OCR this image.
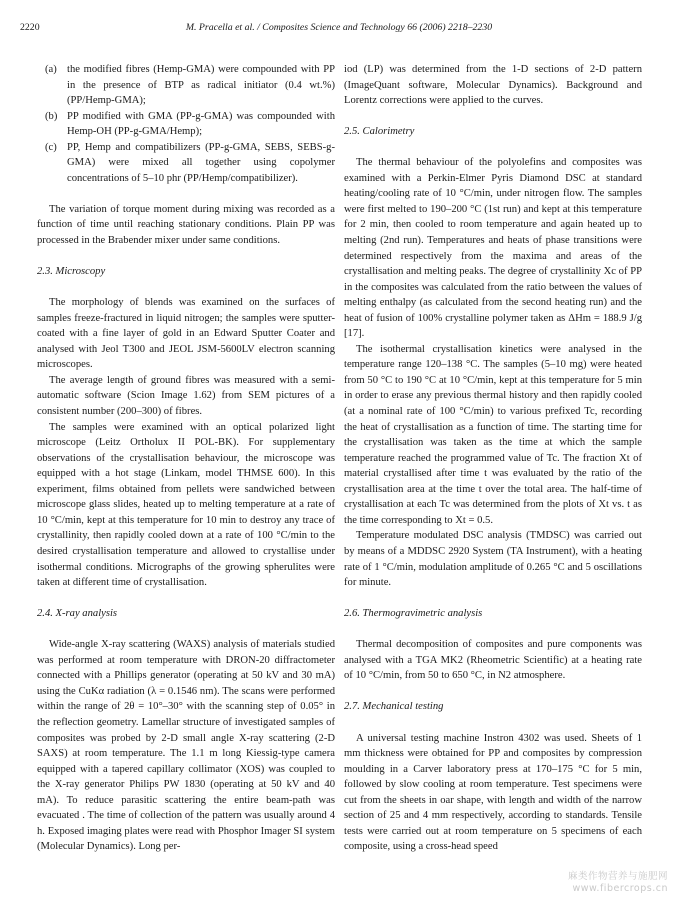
2220	M. Pracella et al. / Composites Science and Technology 66 (2006) 2218–2230
(a) the modified fibres (Hemp-GMA) were compounded with PP in the presence of BTP as radical initiator (0.4 wt.%) (PP/Hemp-GMA);
(b) PP modified with GMA (PP-g-GMA) was compounded with Hemp-OH (PP-g-GMA/Hemp);
(c) PP, Hemp and compatibilizers (PP-g-GMA, SEBS, SEBS-g-GMA) were mixed all together using copolymer concentrations of 5–10 phr (PP/Hemp/compatibilizer).

The variation of torque moment during mixing was recorded as a function of time until reaching stationary conditions. Plain PP was processed in the Brabender mixer under same conditions.

2.3. Microscopy

The morphology of blends was examined on the surfaces of samples freeze-fractured in liquid nitrogen; the samples were sputter-coated with a fine layer of gold in an Edward Sputter Coater and analysed with Jeol T300 and JEOL JSM-5600LV electron scanning microscopes.

The average length of ground fibres was measured with a semi-automatic software (Scion Image 1.62) from SEM pictures of a consistent number (200–300) of fibres.

The samples were examined with an optical polarized light microscope (Leitz Ortholux II POL-BK). For supplementary observations of the crystallisation behaviour, the microscope was equipped with a hot stage (Linkam, model THMSE 600). In this experiment, films obtained from pellets were sandwiched between microscope glass slides, heated up to melting temperature at a rate of 10 °C/min, kept at this temperature for 10 min to destroy any trace of crystallinity, then rapidly cooled down at a rate of 100 °C/min to the desired crystallisation temperature and allowed to crystallise under isothermal conditions. Micrographs of the growing spherulites were taken at different time of crystallisation.

2.4. X-ray analysis

Wide-angle X-ray scattering (WAXS) analysis of materials studied was performed at room temperature with DRON-20 diffractometer connected with a Phillips generator (operating at 50 kV and 30 mA) using the CuKα radiation (λ = 0.1546 nm). The scans were performed within the range of 2θ = 10°–30° with the scanning step of 0.05° in the reflection geometry. Lamellar structure of investigated samples of composites was probed by 2-D small angle X-ray scattering (2-D SAXS) at room temperature. The 1.1 m long Kiessig-type camera equipped with a tapered capillary collimator (XOS) was coupled to the X-ray generator Philips PW 1830 (operating at 50 kV and 40 mA). To reduce parasitic scattering the entire beam-path was evacuated . The time of collection of the pattern was usually around 4 h. Exposed imaging plates were read with Phosphor Imager SI system (Molecular Dynamics). Long per-

iod (LP) was determined from the 1-D sections of 2-D pattern (ImageQuant software, Molecular Dynamics). Background and Lorentz corrections were applied to the curves.

2.5. Calorimetry

The thermal behaviour of the polyolefins and composites was examined with a Perkin-Elmer Pyris Diamond DSC at standard heating/cooling rate of 10 °C/min, under nitrogen flow. The samples were first melted to 190–200 °C (1st run) and kept at this temperature for 2 min, then cooled to room temperature and again heated up to melting (2nd run). Temperatures and heats of phase transitions were determined respectively from the maxima and areas of the crystallisation and melting peaks. The degree of crystallinity Xc of PP in the composites was calculated from the ratio between the values of melting enthalpy (as calculated from the second heating run) and the heat of fusion of 100% crystalline polymer taken as ΔHm = 188.9 J/g [17].

The isothermal crystallisation kinetics were analysed in the temperature range 120–138 °C. The samples (5–10 mg) were heated from 50 °C to 190 °C at 10 °C/min, kept at this temperature for 5 min in order to erase any previous thermal history and then rapidly cooled (at a nominal rate of 100 °C/min) to various prefixed Tc, recording the heat of crystallisation as a function of time. The starting time for the crystallisation was taken as the time at which the sample temperature reached the programmed value of Tc. The fraction Xt of material crystallised after time t was evaluated by the ratio of the crystallisation area at the time t over the total area. The half-time of crystallisation at each Tc was determined from the plots of Xt vs. t as the time corresponding to Xt = 0.5.

Temperature modulated DSC analysis (TMDSC) was carried out by means of a MDDSC 2920 System (TA Instrument), with a heating rate of 1 °C/min, modulation amplitude of 0.265 °C and 5 oscillations for minute.

2.6. Thermogravimetric analysis

Thermal decomposition of composites and pure components was analysed with a TGA MK2 (Rheometric Scientific) at a heating rate of 10 °C/min, from 50 to 650 °C, in N2 atmosphere.

2.7. Mechanical testing

A universal testing machine Instron 4302 was used. Sheets of 1 mm thickness were obtained for PP and composites by compression moulding in a Carver laboratory press at 170–175 °C for 5 min, followed by slow cooling at room temperature. Test specimens were cut from the sheets in oar shape, with length and width of the narrow section of 25 and 4 mm respectively, according to standards. Tensile tests were carried out at room temperature on 5 specimens of each composite, using a cross-head speed

麻类作物营养与施肥网
www.fibercrops.cn
